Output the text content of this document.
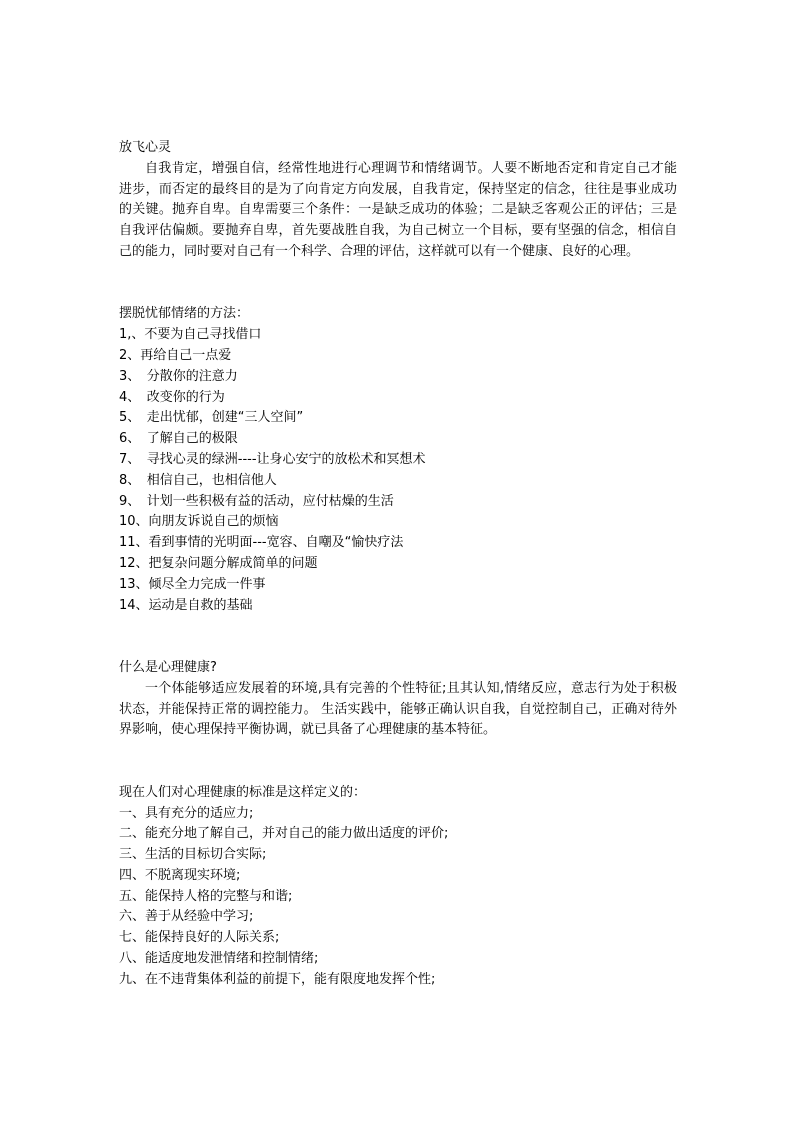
放飞心灵

自我肯定，增强自信，经常性地进行心理调节和情绪调节。人要不断地否定和肯定自己才能进步，而否定的最终目的是为了向肯定方向发展，自我肯定，保持坚定的信念，往往是事业成功的关键。抛弃自卑。自卑需要三个条件：一是缺乏成功的体验；二是缺乏客观公正的评估；三是自我评估偏颇。要抛弃自卑，首先要战胜自我，为自己树立一个目标，要有坚强的信念，相信自己的能力，同时要对自己有一个科学、合理的评估，这样就可以有一个健康、良好的心理。

摆脱忧郁情绪的方法：

1,、不要为自己寻找借口
2、再给自己一点爱
3、　分散你的注意力
4、　改变你的行为
5、　走出忧郁，创建“三人空间”
6、　了解自己的极限
7、　寻找心灵的绿洲----让身心安宁的放松术和冥想术
8、　相信自己，也相信他人
9、　计划一些积极有益的活动，应付枯燥的生活
10、向朋友诉说自己的烦恼
11、看到事情的光明面---宽容、自嘲及“愉快疗法
12、把复杂问题分解成简单的问题
13、倾尽全力完成一件事
14、运动是自救的基础

什么是心理健康?

一个体能够适应发展着的环境,具有完善的个性特征;且其认知,情绪反应，意志行为处于积极状态，并能保持正常的调控能力。 生活实践中，能够正确认识自我，自觉控制自己，正确对待外界影响，使心理保持平衡协调，就已具备了心理健康的基本特征。

现在人们对心理健康的标准是这样定义的：

一、具有充分的适应力;
二、能充分地了解自己，并对自己的能力做出适度的评价;
三、生活的目标切合实际;
四、不脱离现实环境;
五、能保持人格的完整与和谐;
六、善于从经验中学习;
七、能保持良好的人际关系;
八、能适度地发泄情绪和控制情绪;
九、在不违背集体利益的前提下，能有限度地发挥个性;
